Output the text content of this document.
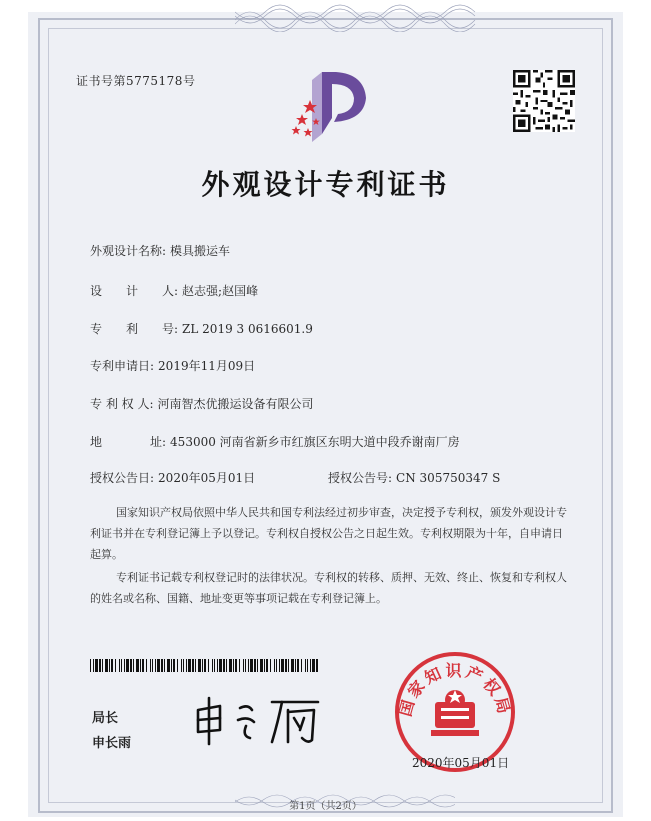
证书号第5775178号
外观设计专利证书
外观设计名称: 模具搬运车
设　　计　　人: 赵志强;赵国峰
专　　利　　号: ZL 2019 3 0616601.9
专利申请日: 2019年11月09日
专 利 权 人: 河南智杰优搬运设备有限公司
地　　　　址: 453000 河南省新乡市红旗区东明大道中段乔谢南厂房
授权公告日: 2020年05月01日	授权公告号: CN 305750347 S
国家知识产权局依照中华人民共和国专利法经过初步审查，决定授予专利权，颁发外观设计专利证书并在专利登记簿上予以登记。专利权自授权公告之日起生效。专利权期限为十年，自申请日起算。
专利证书记载专利权登记时的法律状况。专利权的转移、质押、无效、终止、恢复和专利权人的姓名或名称、国籍、地址变更等事项记载在专利登记簿上。
局长
申长雨
国家知识产权局
2020年05月01日
第1页（共2页）
